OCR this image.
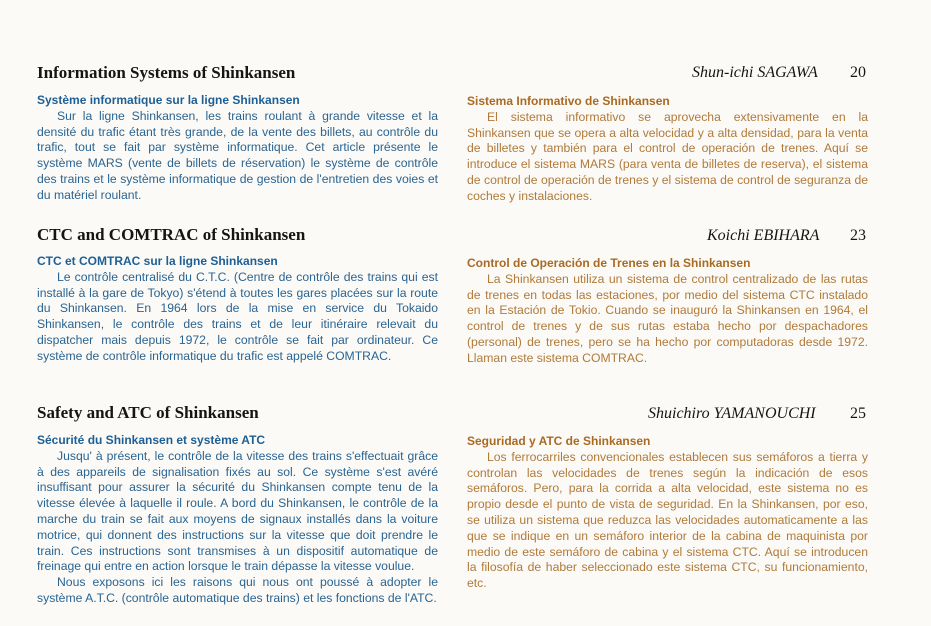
Information Systems of Shinkansen	Shun-ichi SAGAWA 20
Système informatique sur la ligne Shinkansen
Sur la ligne Shinkansen, les trains roulant à grande vitesse et la densité du trafic étant très grande, de la vente des billets, au contrôle du trafic, tout se fait par système informatique. Cet article présente le système MARS (vente de billets de réservation) le système de contrôle des trains et le système informatique de gestion de l'entretien des voies et du matériel roulant.
Sistema Informativo de Shinkansen
El sistema informativo se aprovecha extensivamente en la Shinkansen que se opera a alta velocidad y a alta densidad, para la venta de billetes y también para el control de operación de trenes. Aquí se introduce el sistema MARS (para venta de billetes de reserva), el sistema de control de operación de trenes y el sistema de control de seguranza de coches y instalaciones.
CTC and COMTRAC of Shinkansen	Koichi EBIHARA 23
CTC et COMTRAC sur la ligne Shinkansen
Le contrôle centralisé du C.T.C. (Centre de contrôle des trains qui est installé à la gare de Tokyo) s'étend à toutes les gares placées sur la route du Shinkansen. En 1964 lors de la mise en service du Tokaido Shinkansen, le contrôle des trains et de leur itinéraire relevait du dispatcher mais depuis 1972, le contrôle se fait par ordinateur. Ce système de contrôle informatique du trafic est appelé COMTRAC.
Control de Operación de Trenes en la Shinkansen
La Shinkansen utiliza un sistema de control centralizado de las rutas de trenes en todas las estaciones, por medio del sistema CTC instalado en la Estación de Tokio. Cuando se inauguró la Shinkansen en 1964, el control de trenes y de sus rutas estaba hecho por despachadores (personal) de trenes, pero se ha hecho por computadoras desde 1972. Llaman este sistema COMTRAC.
Safety and ATC of Shinkansen	Shuichiro YAMANOUCHI 25
Sécurité du Shinkansen et système ATC
Jusqu' à présent, le contrôle de la vitesse des trains s'effectuait grâce à des appareils de signalisation fixés au sol. Ce système s'est avéré insuffisant pour assurer la sécurité du Shinkansen compte tenu de la vitesse élevée à laquelle il roule. A bord du Shinkansen, le contrôle de la marche du train se fait aux moyens de signaux installés dans la voiture motrice, qui donnent des instructions sur la vitesse que doit prendre le train. Ces instructions sont transmises à un dispositif automatique de freinage qui entre en action lorsque le train dépasse la vitesse voulue.
Nous exposons ici les raisons qui nous ont poussé à adopter le système A.T.C. (contrôle automatique des trains) et les fonctions de l'ATC.
Seguridad y ATC de Shinkansen
Los ferrocarriles convencionales establecen sus semáforos a tierra y controlan las velocidades de trenes según la indicación de esos semáforos. Pero, para la corrida a alta velocidad, este sistema no es propio desde el punto de vista de seguridad. En la Shinkansen, por eso, se utiliza un sistema que reduzca las velocidades automaticamente a las que se indique en un semáforo interior de la cabina de maquinista por medio de este semáforo de cabina y el sistema CTC. Aquí se introducen la filosofía de haber seleccionado este sistema CTC, su funcionamiento, etc.
